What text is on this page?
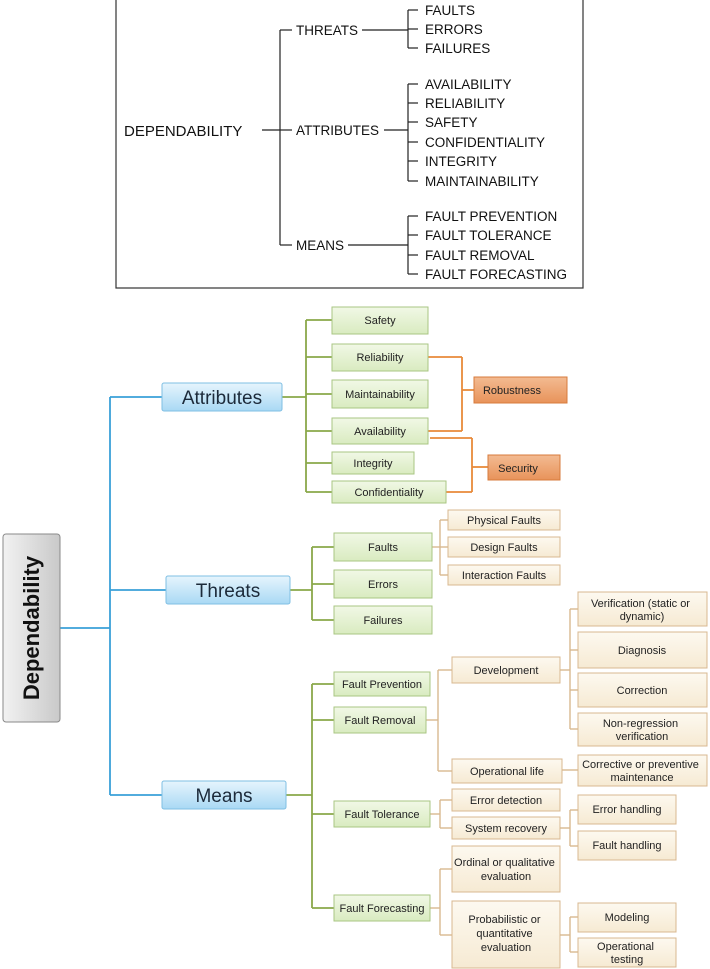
DEPENDABILITY
THREATS
ATTRIBUTES
MEANS
FAULTS
ERRORS
FAILURES
AVAILABILITY
RELIABILITY
SAFETY
CONFIDENTIALITY
INTEGRITY
MAINTAINABILITY
FAULT PREVENTION
FAULT TOLERANCE
FAULT REMOVAL
FAULT FORECASTING
Dependability
Attributes
Threats
Means
Safety
Reliability
Maintainability
Availability
Integrity
Confidentiality
Robustness
Security
Faults
Errors
Failures
Physical Faults
Design Faults
Interaction Faults
Fault Prevention
Fault Removal
Fault Tolerance
Fault Forecasting
Development
Operational life
Verification (static or dynamic)
Diagnosis
Correction
Non-regression verification
Corrective or preventive maintenance
Error detection
System recovery
Error handling
Fault handling
Ordinal or qualitative evaluation
Probabilistic or quantitative evaluation
Modeling
Operational testing
